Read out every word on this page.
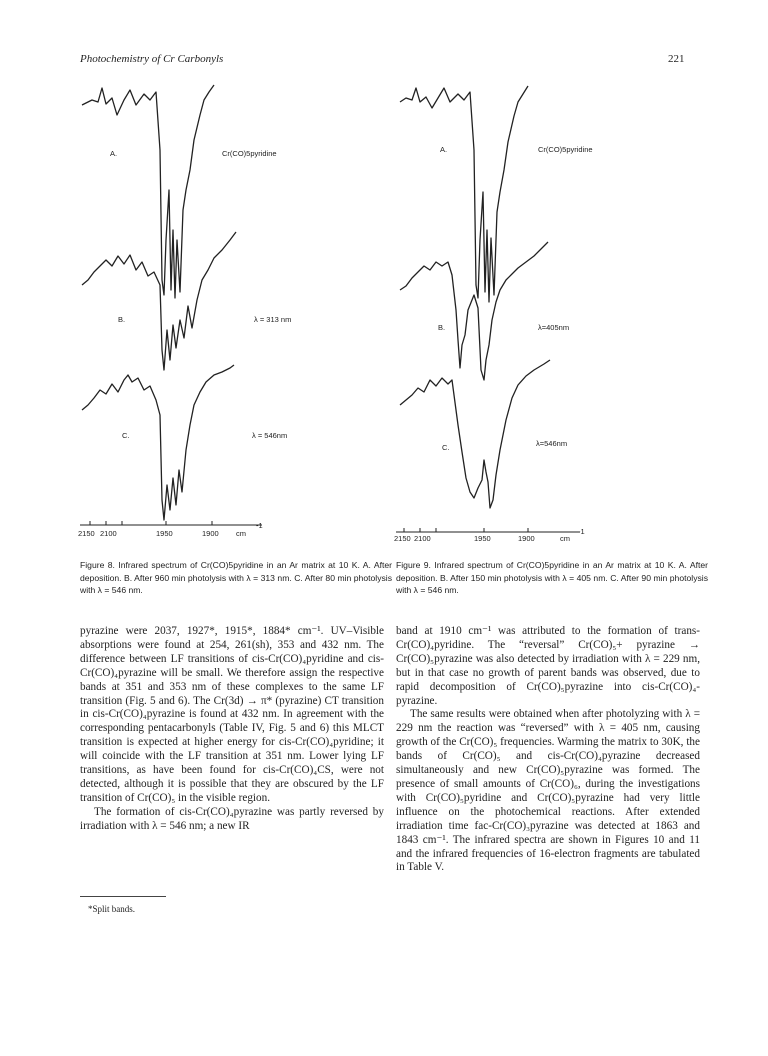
Photochemistry of Cr Carbonyls	221
A.	Cr(CO)5pyridine
B.	λ = 313 nm
C.	λ = 546nm
2150 2100	1950	1900 cm
-1
Figure 8. Infrared spectrum of Cr(CO)5pyridine in an Ar matrix at 10 K. A. After deposition. B. After 960 min photolysis with λ = 313 nm. C. After 80 min photolysis with λ = 546 nm.
A.	Cr(CO)5pyridine
B.	λ=405nm
C.	λ=546nm
2150 2100	1950	1900	cm
-1
Figure 9. Infrared spectrum of Cr(CO)5pyridine in an Ar matrix at 10 K. A. After deposition. B. After 150 min photolysis with λ = 405 nm. C. After 90 min photolysis with λ = 546 nm.

pyrazine were 2037, 1927*, 1915*, 1884* cm⁻¹. UV–Visible absorptions were found at 254, 261(sh), 353 and 432 nm. The difference between LF transitions of cis-Cr(CO)₄pyridine and cis-Cr(CO)₄pyrazine will be small. We therefore assign the respective bands at 351 and 353 nm of these complexes to the same LF transition (Fig. 5 and 6). The Cr(3d) → π* (pyrazine) CT transition in cis-Cr(CO)₄pyrazine is found at 432 nm. In agreement with the corresponding pentacarbonyls (Table IV, Fig. 5 and 6) this MLCT transition is expected at higher energy for cis-Cr(CO)₄pyridine; it will coincide with the LF transition at 351 nm. Lower lying LF transitions, as have been found for cis-Cr(CO)₄CS, were not detected, although it is possible that they are obscured by the LF transition of Cr(CO)₅ in the visible region.

The formation of cis-Cr(CO)₄pyrazine was partly reversed by irradiation with λ = 546 nm; a new IR

band at 1910 cm⁻¹ was attributed to the formation of trans-Cr(CO)₄pyridine. The “reversal” Cr(CO)₅+ pyrazine → Cr(CO)₅pyrazine was also detected by irradiation with λ = 229 nm, but in that case no growth of parent bands was observed, due to rapid decomposition of Cr(CO)₅pyrazine into cis-Cr(CO)₄-pyrazine.

The same results were obtained when after photolyzing with λ = 229 nm the reaction was “reversed” with λ = 405 nm, causing growth of the Cr(CO)₅ frequencies. Warming the matrix to 30K, the bands of Cr(CO)₅ and cis-Cr(CO)₄pyrazine decreased simultaneously and new Cr(CO)₅pyrazine was formed. The presence of small amounts of Cr(CO)₆, during the investigations with Cr(CO)₅pyridine and Cr(CO)₅pyrazine had very little influence on the photochemical reactions. After extended irradiation time fac-Cr(CO)₃pyrazine was detected at 1863 and 1843 cm⁻¹. The infrared spectra are shown in Figures 10 and 11 and the infrared frequencies of 16-electron fragments are tabulated in Table V.

*Split bands.
